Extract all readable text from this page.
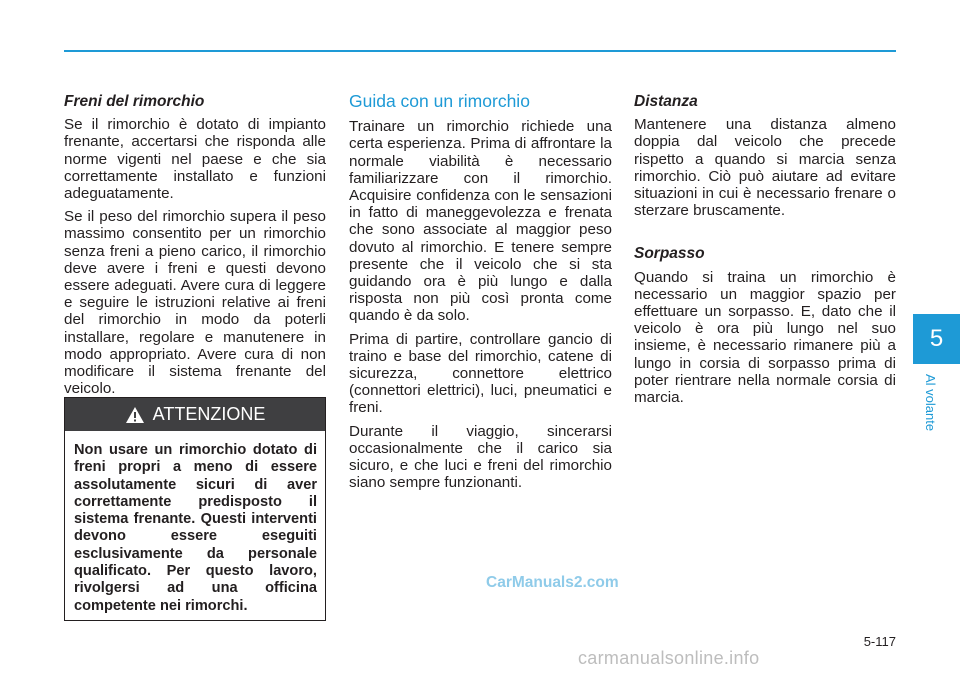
Freni del rimorchio

Se il rimorchio è dotato di impianto frenante, accertarsi che risponda alle norme vigenti nel paese e che sia correttamente installato e funzioni adeguatamente.

Se il peso del rimorchio supera il peso massimo consentito per un rimorchio senza freni a pieno carico, il rimorchio deve avere i freni e questi devono essere adeguati. Avere cura di leggere e seguire le istruzioni relative ai freni del rimorchio in modo da poterli installare, regolare e manutenere in modo appropriato. Avere cura di non modificare il sistema frenante del veicolo.

ATTENZIONE
Non usare un rimorchio dotato di freni propri a meno di essere assolutamente sicuri di aver correttamente predisposto il sistema frenante. Questi interventi devono essere eseguiti esclusivamente da personale qualificato. Per questo lavoro, rivolgersi ad una officina competente nei rimorchi.
Guida con un rimorchio

Trainare un rimorchio richiede una certa esperienza. Prima di affrontare la normale viabilità è necessario familiarizzare con il rimorchio. Acquisire confidenza con le sensazioni in fatto di maneggevolezza e frenata che sono associate al maggior peso dovuto al rimorchio. E tenere sempre presente che il veicolo che si sta guidando ora è più lungo e dalla risposta non più così pronta come quando è da solo.

Prima di partire, controllare gancio di traino e base del rimorchio, catene di sicurezza, connettore elettrico (connettori elettrici), luci, pneumatici e freni.

Durante il viaggio, sincerarsi occasionalmente che il carico sia sicuro, e che luci e freni del rimorchio siano sempre funzionanti.

Distanza

Mantenere una distanza almeno doppia dal veicolo che precede rispetto a quando si marcia senza rimorchio. Ciò può aiutare ad evitare situazioni in cui è necessario frenare o sterzare bruscamente.

Sorpasso

Quando si traina un rimorchio è necessario un maggior spazio per effettuare un sorpasso. E, dato che il veicolo è ora più lungo nel suo insieme, è necessario rimanere più a lungo in corsia di sorpasso prima di poter rientrare nella normale corsia di marcia.

5
Al volante
5-117
CarManuals2.com
carmanualsonline.info
